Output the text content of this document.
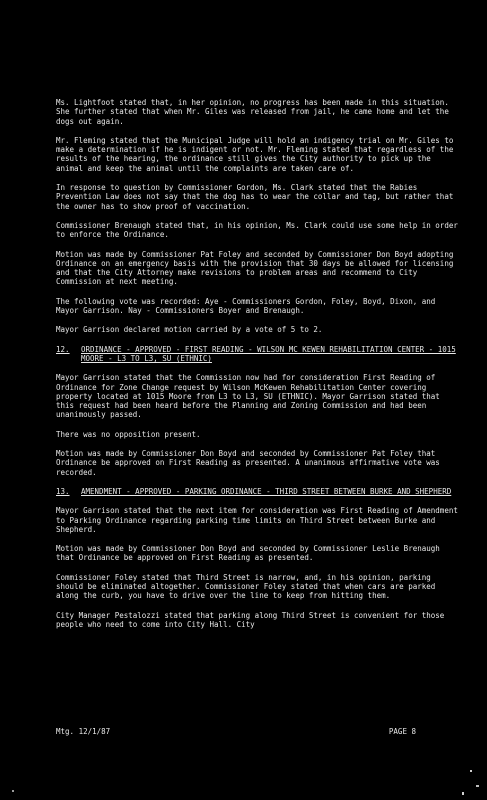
Ms. Lightfoot stated that, in her opinion, no progress has been made in this situation. She further stated that when Mr. Giles was released from jail, he came home and let the dogs out again.

Mr. Fleming stated that the Municipal Judge will hold an indigency trial on Mr. Giles to make a determination if he is indigent or not. Mr. Fleming stated that regardless of the results of the hearing, the ordinance still gives the City authority to pick up the animal and keep the animal until the complaints are taken care of.

In response to question by Commissioner Gordon, Ms. Clark stated that the Rabies Prevention Law does not say that the dog has to wear the collar and tag, but rather that the owner has to show proof of vaccination.

Commissioner Brenaugh stated that, in his opinion, Ms. Clark could use some help in order to enforce the Ordinance.

Motion was made by Commissioner Pat Foley and seconded by Commissioner Don Boyd adopting Ordinance on an emergency basis with the provision that 30 days be allowed for licensing and that the City Attorney make revisions to problem areas and recommend to City Commission at next meeting.

The following vote was recorded: Aye - Commissioners Gordon, Foley, Boyd, Dixon, and Mayor Garrison. Nay - Commissioners Boyer and Brenaugh.

Mayor Garrison declared motion carried by a vote of 5 to 2.

12.	ORDINANCE - APPROVED - FIRST READING - WILSON MC KEWEN REHABILITATION CENTER - 1015 MOORE - L3 TO L3, SU (ETHNIC)

Mayor Garrison stated that the Commission now had for consideration First Reading of Ordinance for Zone Change request by Wilson McKewen Rehabilitation Center covering property located at 1015 Moore from L3 to L3, SU (ETHNIC). Mayor Garrison stated that this request had been heard before the Planning and Zoning Commission and had been unanimously passed.

There was no opposition present.

Motion was made by Commissioner Don Boyd and seconded by Commissioner Pat Foley that Ordinance be approved on First Reading as presented. A unanimous affirmative vote was recorded.

13.	AMENDMENT - APPROVED - PARKING ORDINANCE - THIRD STREET BETWEEN BURKE AND SHEPHERD

Mayor Garrison stated that the next item for consideration was First Reading of Amendment to Parking Ordinance regarding parking time limits on Third Street between Burke and Shepherd.

Motion was made by Commissioner Don Boyd and seconded by Commissioner Leslie Brenaugh that Ordinance be approved on First Reading as presented.

Commissioner Foley stated that Third Street is narrow, and, in his opinion, parking should be eliminated altogether. Commissioner Foley stated that when cars are parked along the curb, you have to drive over the line to keep from hitting them.

City Manager Pestalozzi stated that parking along Third Street is convenient for those people who need to come into City Hall. City

Mtg. 12/1/87	PAGE 8
